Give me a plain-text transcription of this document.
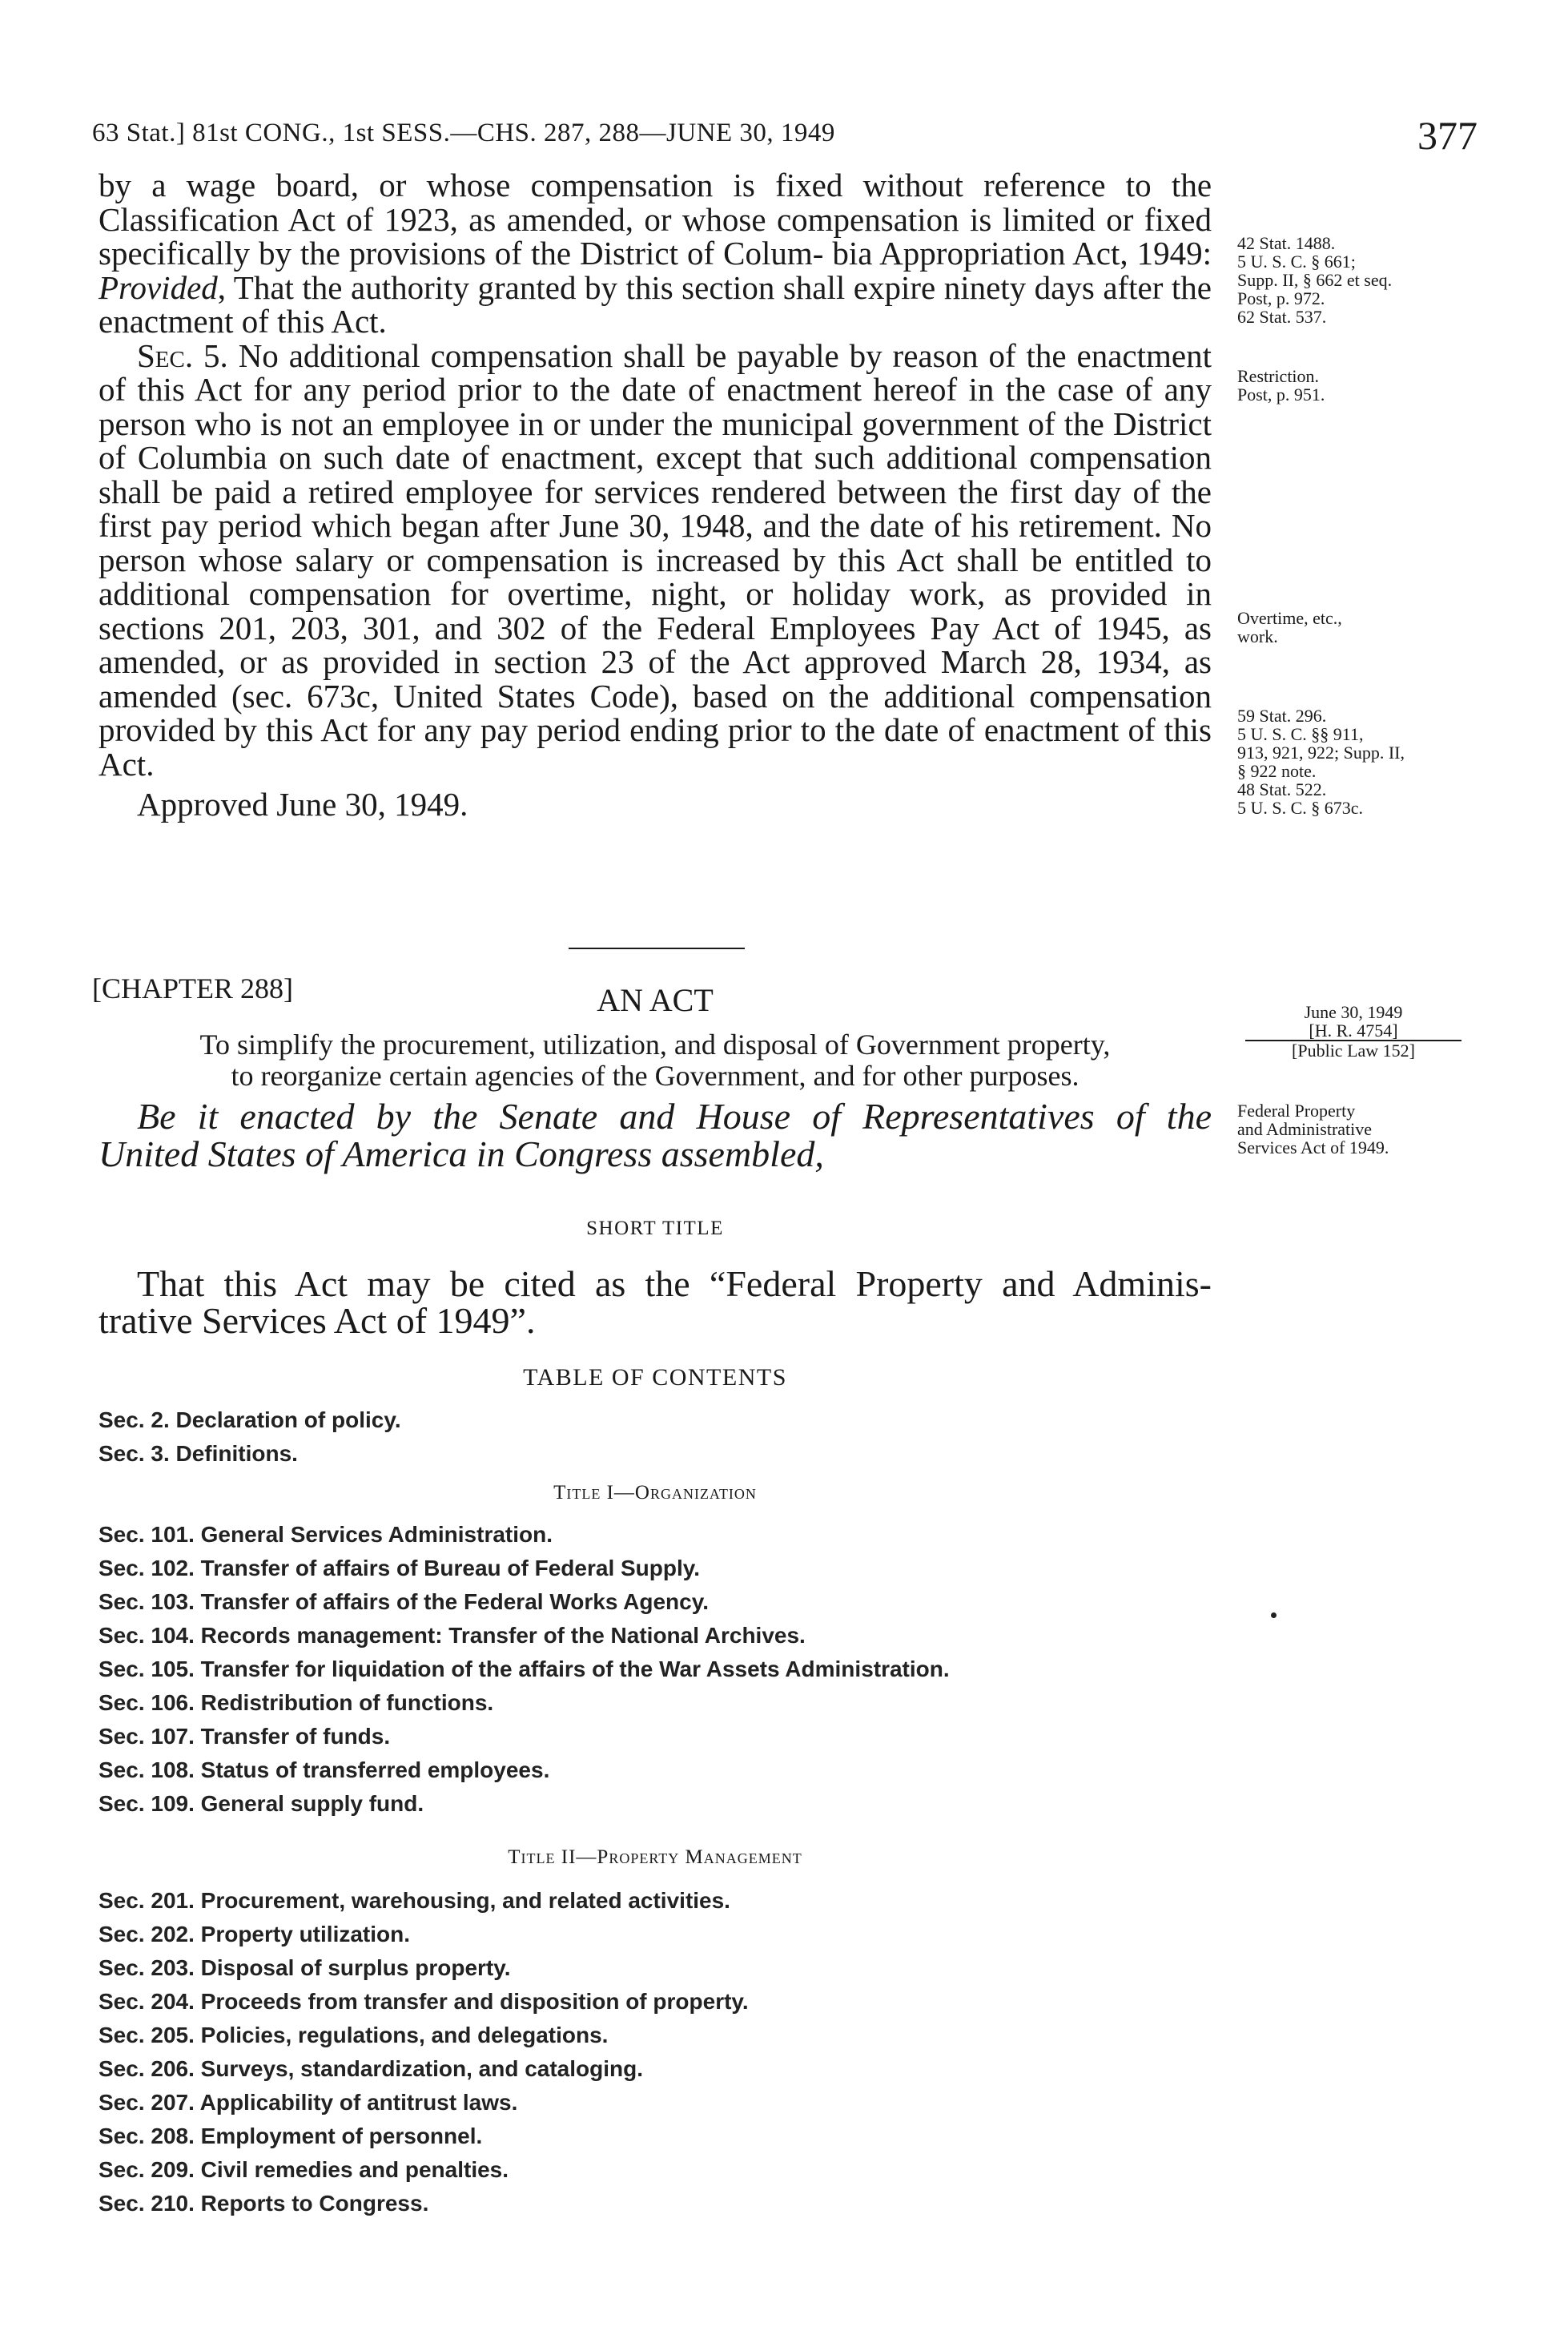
63 Stat.] 81st CONG., 1st SESS.—CHS. 287, 288—JUNE 30, 1949	377

by a wage board, or whose compensation is fixed without reference to the Classification Act of 1923, as amended, or whose compensation is limited or fixed specifically by the provisions of the District of Colum- bia Appropriation Act, 1949: Provided, That the authority granted by this section shall expire ninety days after the enactment of this Act.

Sec. 5. No additional compensation shall be payable by reason of the enactment of this Act for any period prior to the date of enactment hereof in the case of any person who is not an employee in or under the municipal government of the District of Columbia on such date of enactment, except that such additional compensation shall be paid a retired employee for services rendered between the first day of the first pay period which began after June 30, 1948, and the date of his retirement. No person whose salary or compensation is increased by this Act shall be entitled to additional compensation for overtime, night, or holiday work, as provided in sections 201, 203, 301, and 302 of the Federal Employees Pay Act of 1945, as amended, or as provided in section 23 of the Act approved March 28, 1934, as amended (sec. 673c, United States Code), based on the additional compensation provided by this Act for any pay period ending prior to the date of enactment of this Act.

Approved June 30, 1949.

42 Stat. 1488.
5 U. S. C. § 661;
Supp. II, § 662 et seq.
Post, p. 972.
62 Stat. 537.
Restriction.
Post, p. 951.
Overtime, etc.,
work.
59 Stat. 296.
5 U. S. C. §§ 911,
913, 921, 922; Supp. II,
§ 922 note.
48 Stat. 522.
5 U. S. C. § 673c.
June 30, 1949
[H. R. 4754]
[Public Law 152]
Federal Property
and Administrative
Services Act of 1949.
[CHAPTER 288]	AN ACT
To simplify the procurement, utilization, and disposal of Government property,
to reorganize certain agencies of the Government, and for other purposes.
Be it enacted by the Senate and House of Representatives of the
United States of America in Congress assembled,
SHORT TITLE
That this Act may be cited as the “Federal Property and Adminis-
trative Services Act of 1949”.
TABLE OF CONTENTS
Sec. 2. Declaration of policy.
Sec. 3. Definitions.
Title I—Organization
Sec. 101. General Services Administration.
Sec. 102. Transfer of affairs of Bureau of Federal Supply.
Sec. 103. Transfer of affairs of the Federal Works Agency.
Sec. 104. Records management: Transfer of the National Archives.
Sec. 105. Transfer for liquidation of the affairs of the War Assets Administration.
Sec. 106. Redistribution of functions.
Sec. 107. Transfer of funds.
Sec. 108. Status of transferred employees.
Sec. 109. General supply fund.
Title II—Property Management
Sec. 201. Procurement, warehousing, and related activities.
Sec. 202. Property utilization.
Sec. 203. Disposal of surplus property.
Sec. 204. Proceeds from transfer and disposition of property.
Sec. 205. Policies, regulations, and delegations.
Sec. 206. Surveys, standardization, and cataloging.
Sec. 207. Applicability of antitrust laws.
Sec. 208. Employment of personnel.
Sec. 209. Civil remedies and penalties.
Sec. 210. Reports to Congress.
